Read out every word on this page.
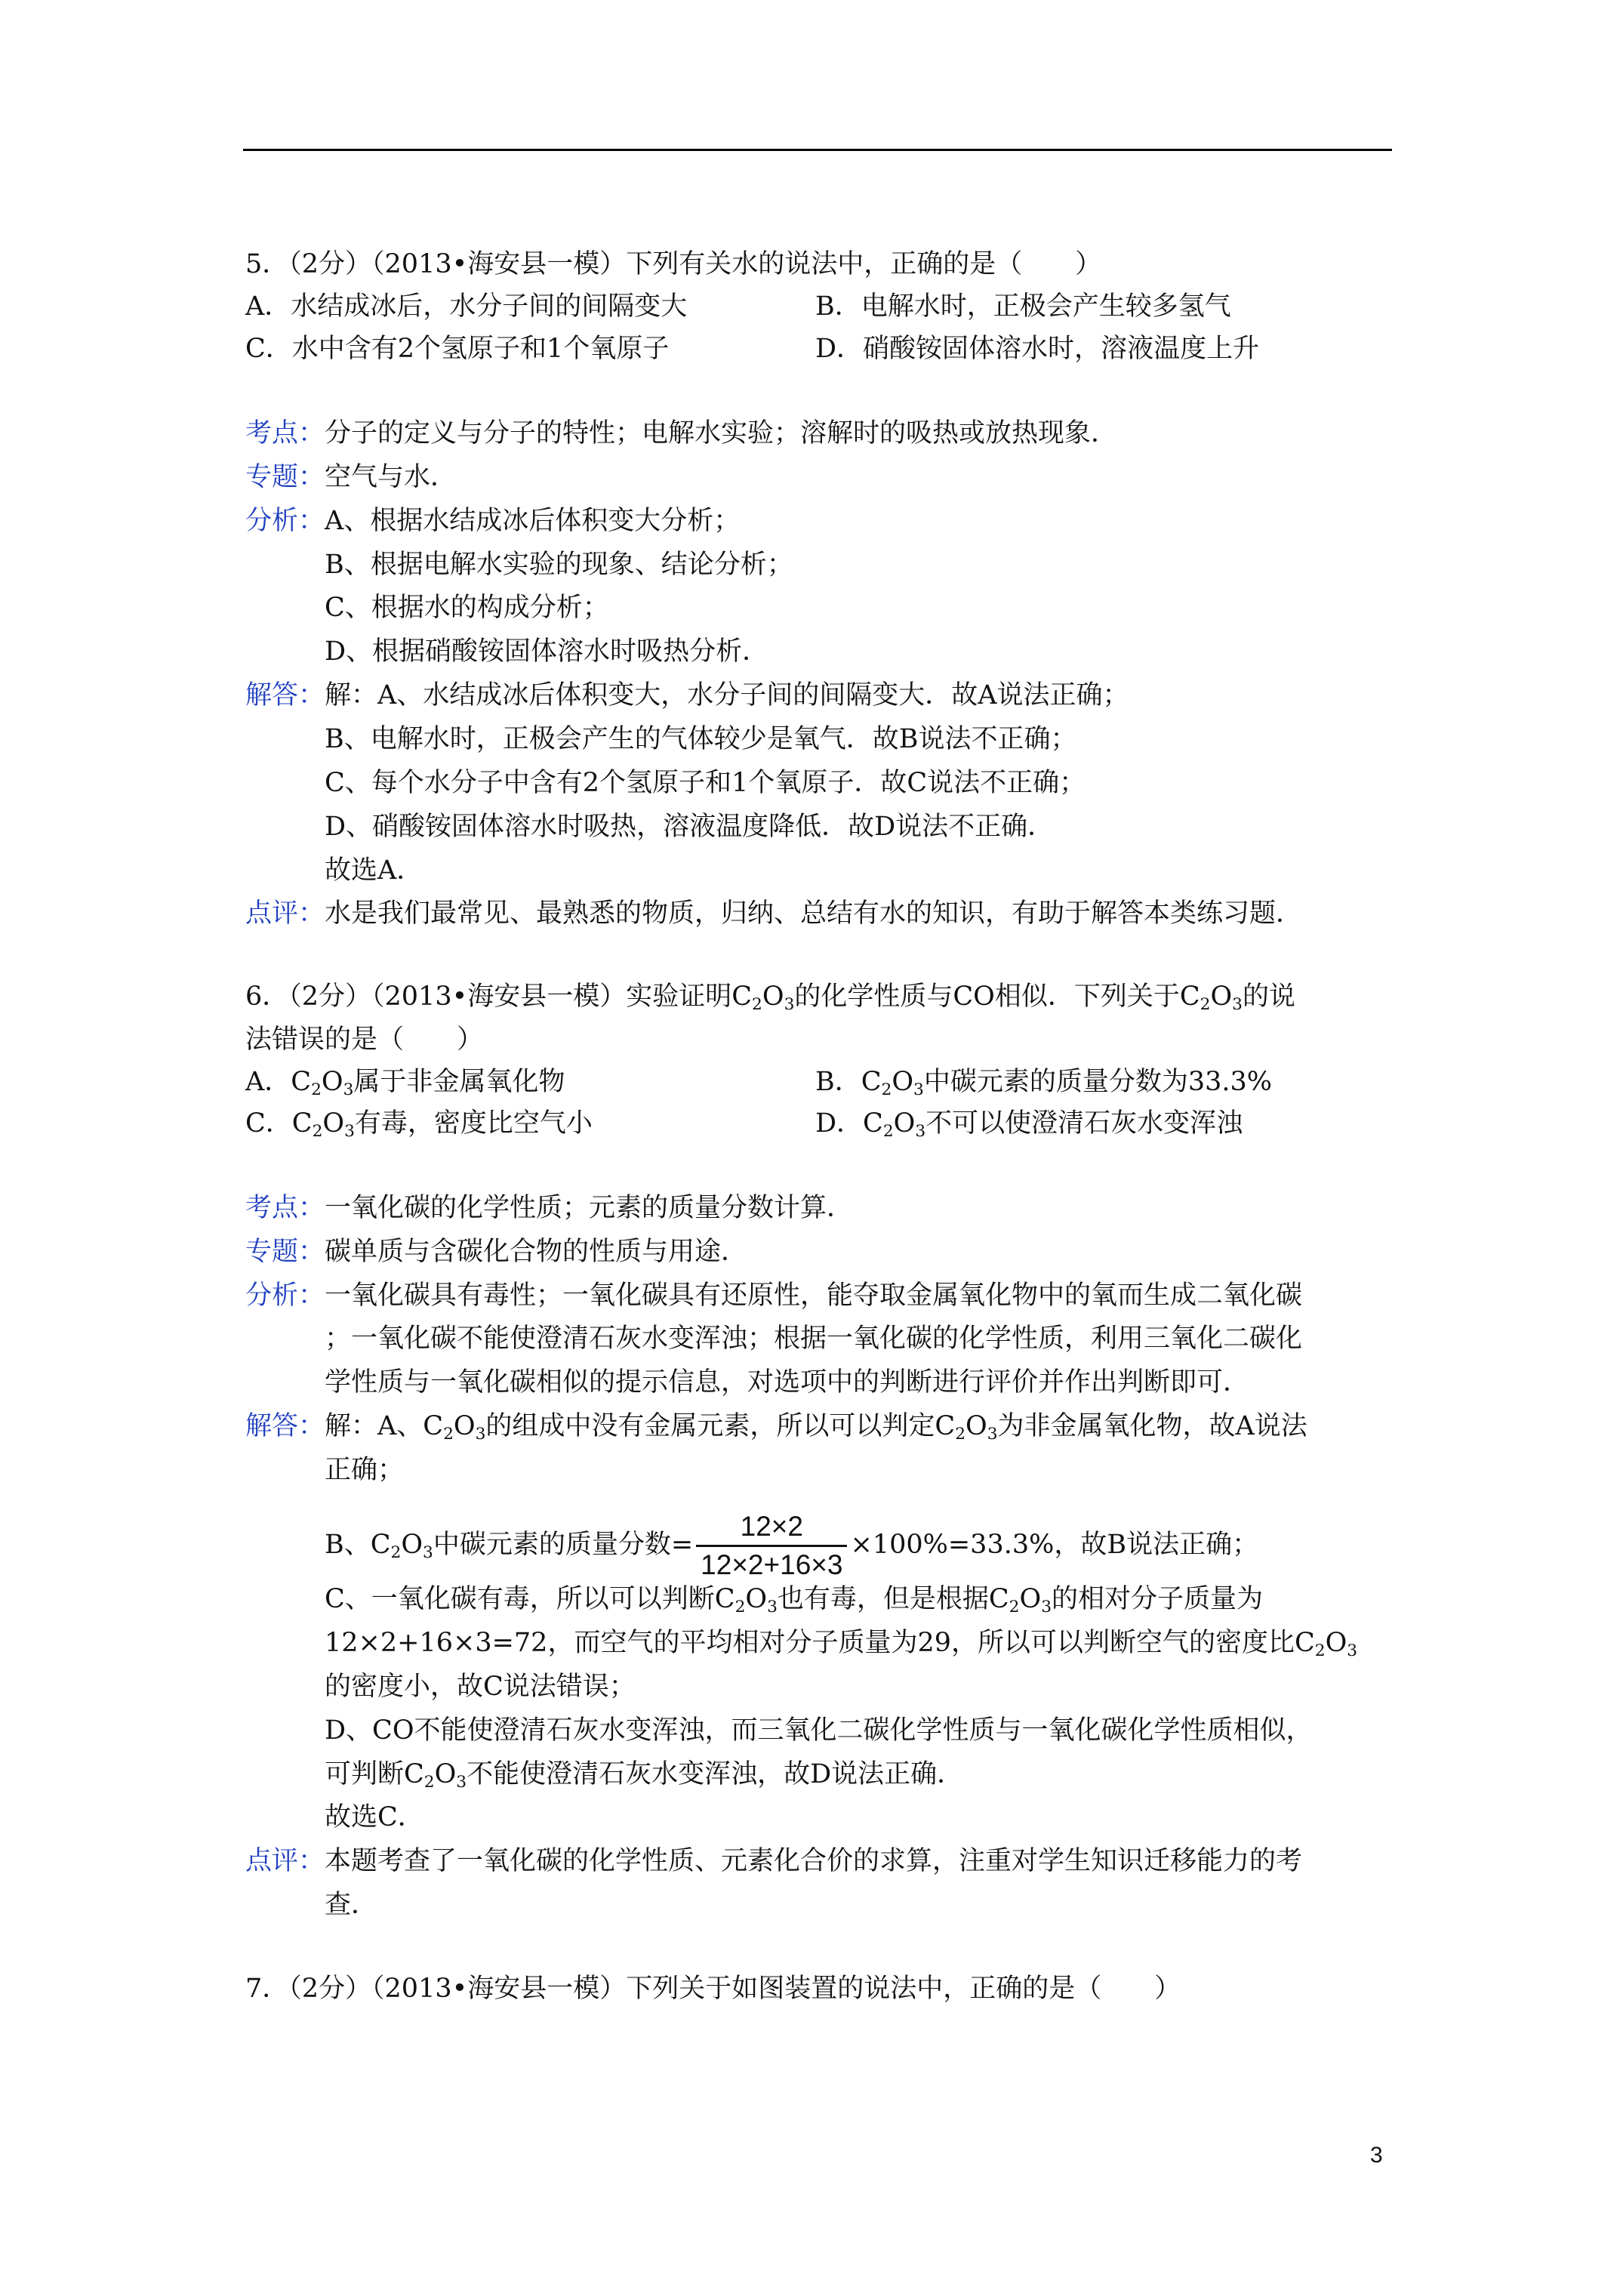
5．（2分）（2013•海安县一模）下列有关水的说法中，正确的是（　　）
A．水结成冰后，水分子间的间隔变大	B．电解水时，正极会产生较多氢气
C．水中含有2个氢原子和1个氧原子	D．硝酸铵固体溶水时，溶液温度上升
考点： 分子的定义与分子的特性；电解水实验；溶解时的吸热或放热现象．
专题： 空气与水．
分析： A、根据水结成冰后体积变大分析；
B、根据电解水实验的现象、结论分析；
C、根据水的构成分析；
D、根据硝酸铵固体溶水时吸热分析．
解答： 解：A、水结成冰后体积变大，水分子间的间隔变大．故A说法正确；
B、电解水时，正极会产生的气体较少是氧气．故B说法不正确；
C、每个水分子中含有2个氢原子和1个氧原子．故C说法不正确；
D、硝酸铵固体溶水时吸热，溶液温度降低．故D说法不正确．
故选A．
点评： 水是我们最常见、最熟悉的物质，归纳、总结有水的知识，有助于解答本类练习题．
6．（2分）（2013•海安县一模）实验证明$C_2O_3$的化学性质与CO相似．下列关于$C_2O_3$的说
法错误的是（　　）
A．$C_2O_3$属于非金属氧化物	B．$C_2O_3$中碳元素的质量分数为33.3%
C．$C_2O_3$有毒，密度比空气小	D．$C_2O_3$不可以使澄清石灰水变浑浊
考点： 一氧化碳的化学性质；元素的质量分数计算．
专题： 碳单质与含碳化合物的性质与用途．
分析： 一氧化碳具有毒性；一氧化碳具有还原性，能夺取金属氧化物中的氧而生成二氧化碳
；一氧化碳不能使澄清石灰水变浑浊；根据一氧化碳的化学性质，利用三氧化二碳化
学性质与一氧化碳相似的提示信息，对选项中的判断进行评价并作出判断即可．
解答： 解：A、$C_2O_3$的组成中没有金属元素，所以可以判定$C_2O_3$为非金属氧化物，故A说法
正确；
B、$C_2O_3$中碳元素的质量分数= $\frac{12\times 2}{12\times 2+16\times 3} \times 100\%=33.3\%$，故B说法正确；
C、一氧化碳有毒，所以可以判断$C_2O_3$也有毒，但是根据$C_2O_3$的相对分子质量为
12×2+16×3=72，而空气的平均相对分子质量为29，所以可以判断空气的密度比$C_2O_3$
的密度小，故C说法错误；
D、CO不能使澄清石灰水变浑浊，而三氧化二碳化学性质与一氧化碳化学性质相似，
可判断$C_2O_3$不能使澄清石灰水变浑浊，故D说法正确．
故选C．
点评： 本题考查了一氧化碳的化学性质、元素化合价的求算，注重对学生知识迁移能力的考
查．
7．（2分）（2013•海安县一模）下列关于如图装置的说法中，正确的是（　　）
3
